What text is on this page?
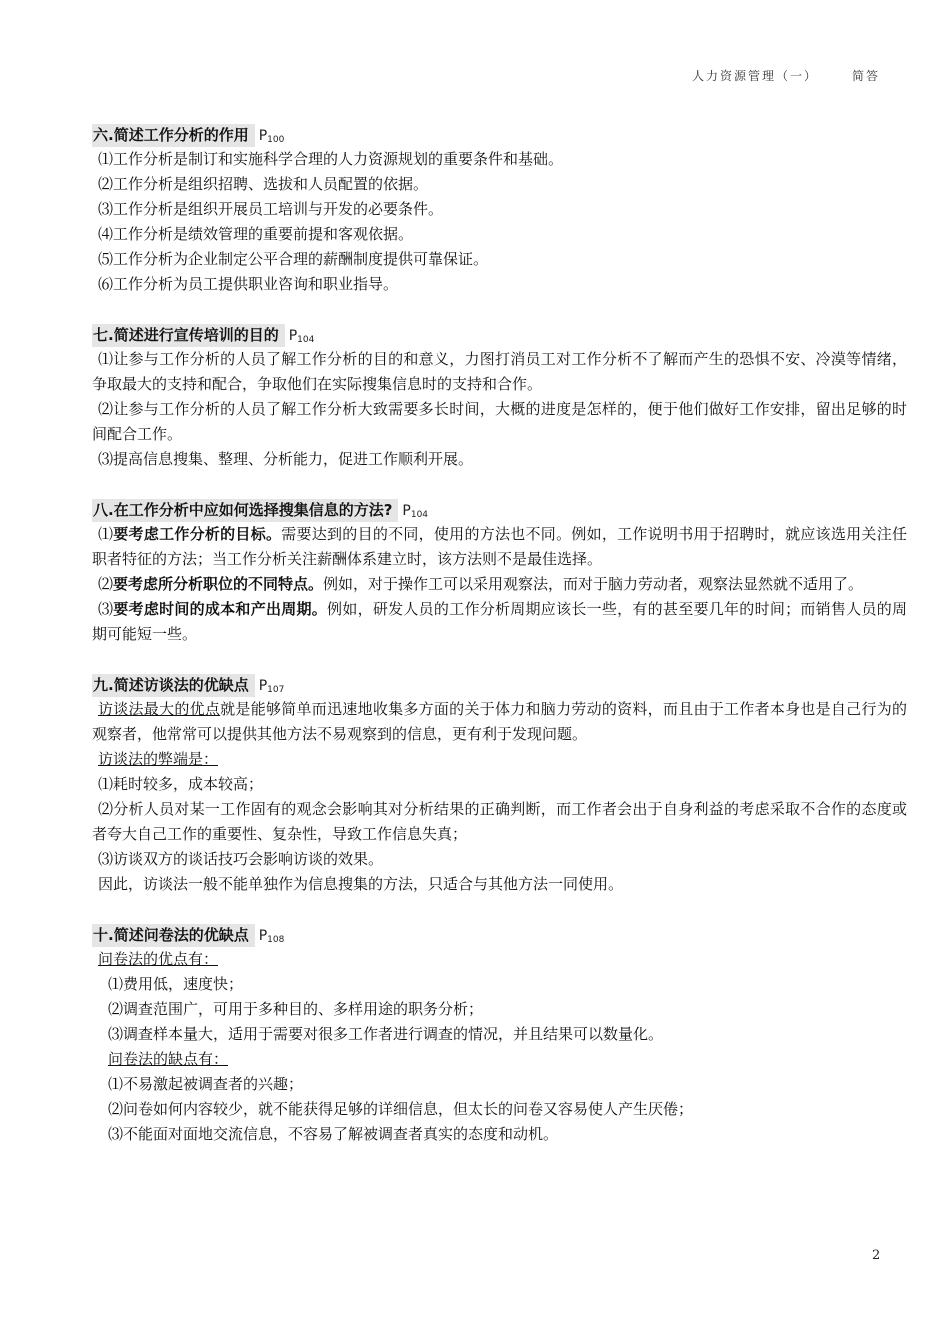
人力资源管理（一）	简答
六.简述工作分析的作用 $P_{100}$

⑴工作分析是制订和实施科学合理的人力资源规划的重要条件和基础。

⑵工作分析是组织招聘、选拔和人员配置的依据。

⑶工作分析是组织开展员工培训与开发的必要条件。

⑷工作分析是绩效管理的重要前提和客观依据。

⑸工作分析为企业制定公平合理的薪酬制度提供可靠保证。

⑹工作分析为员工提供职业咨询和职业指导。

七.简述进行宣传培训的目的 $P_{104}$

⑴让参与工作分析的人员了解工作分析的目的和意义，力图打消员工对工作分析不了解而产生的恐惧不安、冷漠等情绪，争取最大的支持和配合，争取他们在实际搜集信息时的支持和合作。

⑵让参与工作分析的人员了解工作分析大致需要多长时间，大概的进度是怎样的，便于他们做好工作安排，留出足够的时间配合工作。

⑶提高信息搜集、整理、分析能力，促进工作顺利开展。

八.在工作分析中应如何选择搜集信息的方法? $P_{104}$

⑴要考虑工作分析的目标。需要达到的目的不同，使用的方法也不同。例如，工作说明书用于招聘时，就应该选用关注任职者特征的方法；当工作分析关注薪酬体系建立时，该方法则不是最佳选择。

⑵要考虑所分析职位的不同特点。例如，对于操作工可以采用观察法，而对于脑力劳动者，观察法显然就不适用了。

⑶要考虑时间的成本和产出周期。例如，研发人员的工作分析周期应该长一些，有的甚至要几年的时间；而销售人员的周期可能短一些。

九.简述访谈法的优缺点 $P_{107}$

访谈法最大的优点就是能够简单而迅速地收集多方面的关于体力和脑力劳动的资料，而且由于工作者本身也是自己行为的观察者，他常常可以提供其他方法不易观察到的信息，更有利于发现问题。

访谈法的弊端是：

⑴耗时较多，成本较高；

⑵分析人员对某一工作固有的观念会影响其对分析结果的正确判断，而工作者会出于自身利益的考虑采取不合作的态度或者夸大自己工作的重要性、复杂性，导致工作信息失真；

⑶访谈双方的谈话技巧会影响访谈的效果。

因此，访谈法一般不能单独作为信息搜集的方法，只适合与其他方法一同使用。

十.简述问卷法的优缺点 $P_{108}$

问卷法的优点有：

⑴费用低，速度快；

⑵调查范围广，可用于多种目的、多样用途的职务分析；

⑶调查样本量大，适用于需要对很多工作者进行调查的情况，并且结果可以数量化。

问卷法的缺点有：

⑴不易激起被调查者的兴趣；

⑵问卷如何内容较少，就不能获得足够的详细信息，但太长的问卷又容易使人产生厌倦；

⑶不能面对面地交流信息，不容易了解被调查者真实的态度和动机。

2
